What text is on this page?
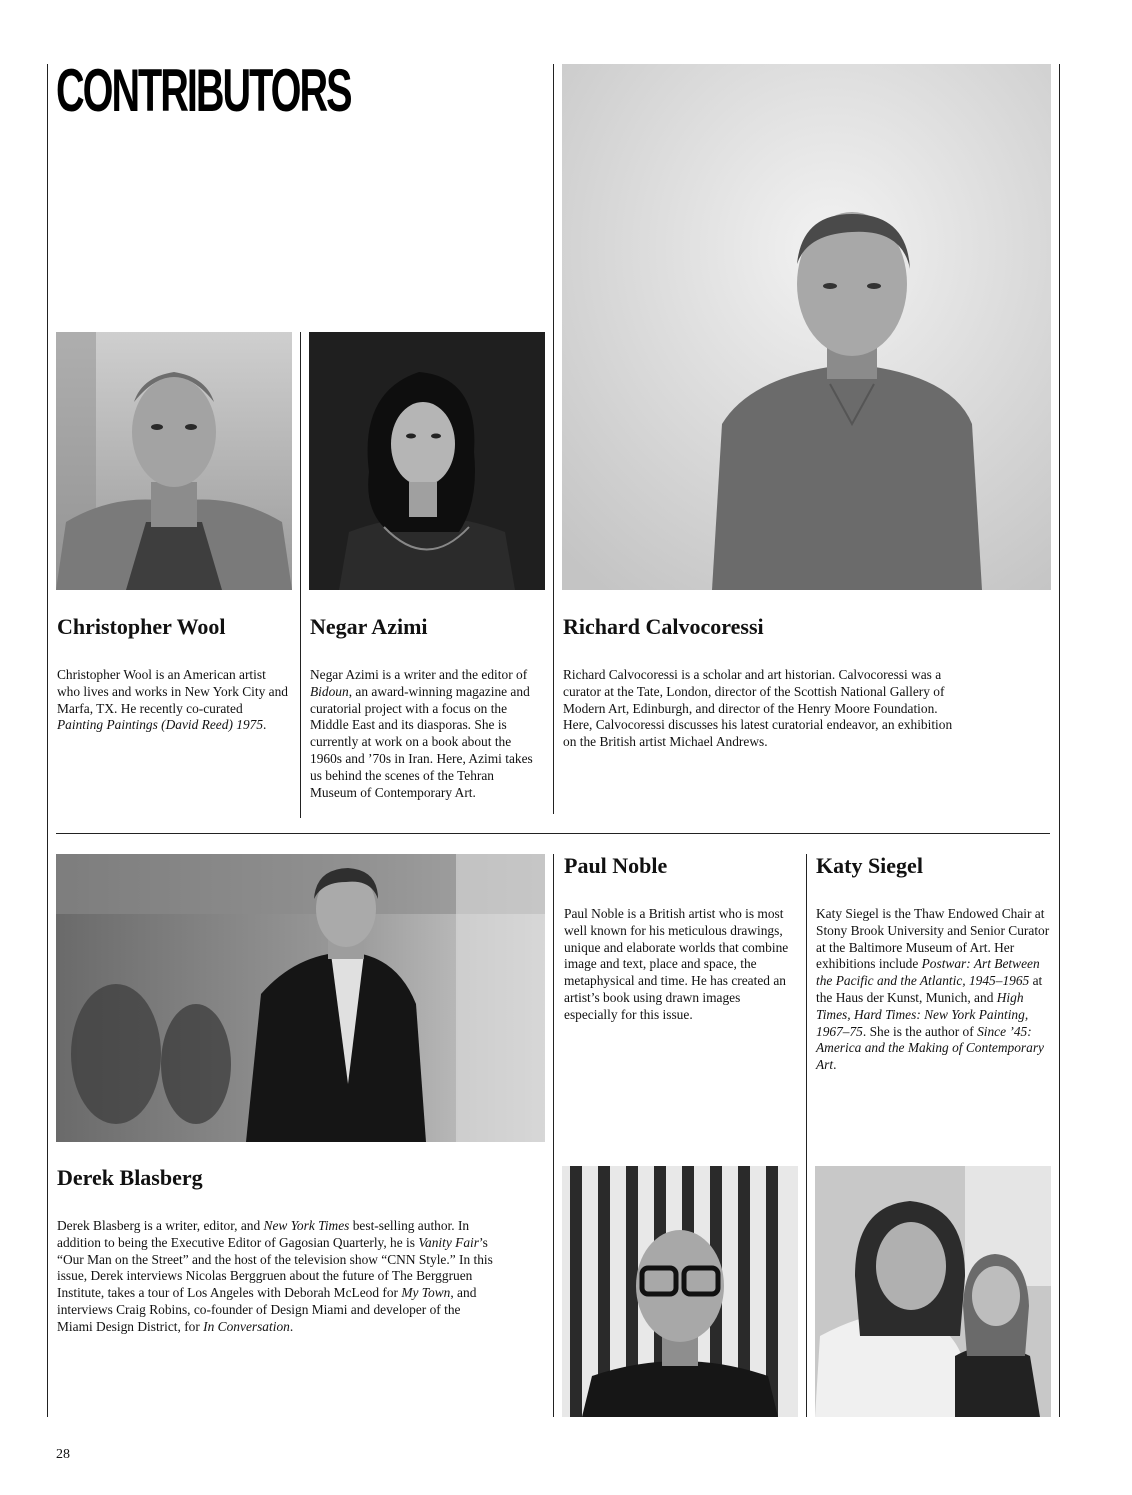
CONTRIBUTORS
Christopher Wool	Negar Azimi	Richard Calvocoressi
Paul Noble	Katy Siegel
Derek Blasberg

Christopher Wool is an American artist who lives and works in New York City and Marfa, TX. He recently co-curated Painting Paintings (David Reed) 1975.

Negar Azimi is a writer and the editor of Bidoun, an award-winning magazine and curatorial project with a focus on the Middle East and its diasporas. She is currently at work on a book about the 1960s and ’70s in Iran. Here, Azimi takes us behind the scenes of the Tehran Museum of Contemporary Art.

Richard Calvocoressi is a scholar and art historian. Calvocoressi was a curator at the Tate, London, director of the Scottish National Gallery of Modern Art, Edinburgh, and director of the Henry Moore Foundation. Here, Calvocoressi discusses his latest curatorial endeavor, an exhibition on the British artist Michael Andrews.

Paul Noble is a British artist who is most well known for his meticulous drawings, unique and elaborate worlds that combine image and text, place and space, the metaphysical and time. He has created an artist’s book using drawn images especially for this issue.

Katy Siegel is the Thaw Endowed Chair at Stony Brook University and Senior Curator at the Baltimore Museum of Art. Her exhibitions include Postwar: Art Between the Pacific and the Atlantic, 1945–1965 at the Haus der Kunst, Munich, and High Times, Hard Times: New York Painting, 1967–75. She is the author of Since ’45: America and the Making of Contemporary Art.

Derek Blasberg is a writer, editor, and New York Times best-selling author. In addition to being the Executive Editor of Gagosian Quarterly, he is Vanity Fair’s “Our Man on the Street” and the host of the television show “CNN Style.” In this issue, Derek interviews Nicolas Berggruen about the future of The Berggruen Institute, takes a tour of Los Angeles with Deborah McLeod for My Town, and interviews Craig Robins, co-founder of Design Miami and developer of the Miami Design District, for In Conversation.

28
